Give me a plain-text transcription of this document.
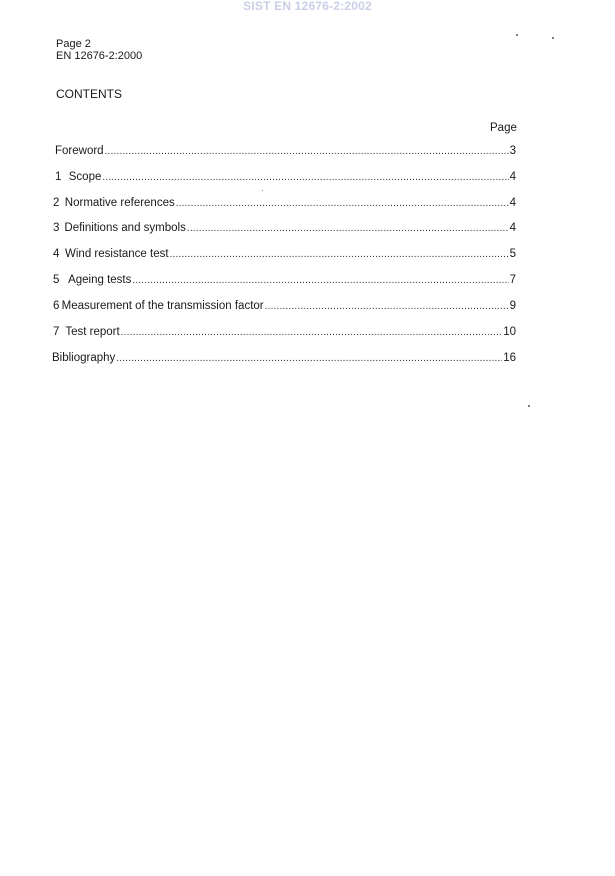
SIST EN 12676-2:2002
Page 2
EN 12676-2:2000
CONTENTS
Page
Foreword .....	3
1 Scope .....	4
2 Normative references .....	4
3 Definitions and symbols .....	4
4 Wind resistance test .....	5
5 Ageing tests .....	7
6 Measurement of the transmission factor .....	9
7 Test report .....	10
Bibliography .....	16
